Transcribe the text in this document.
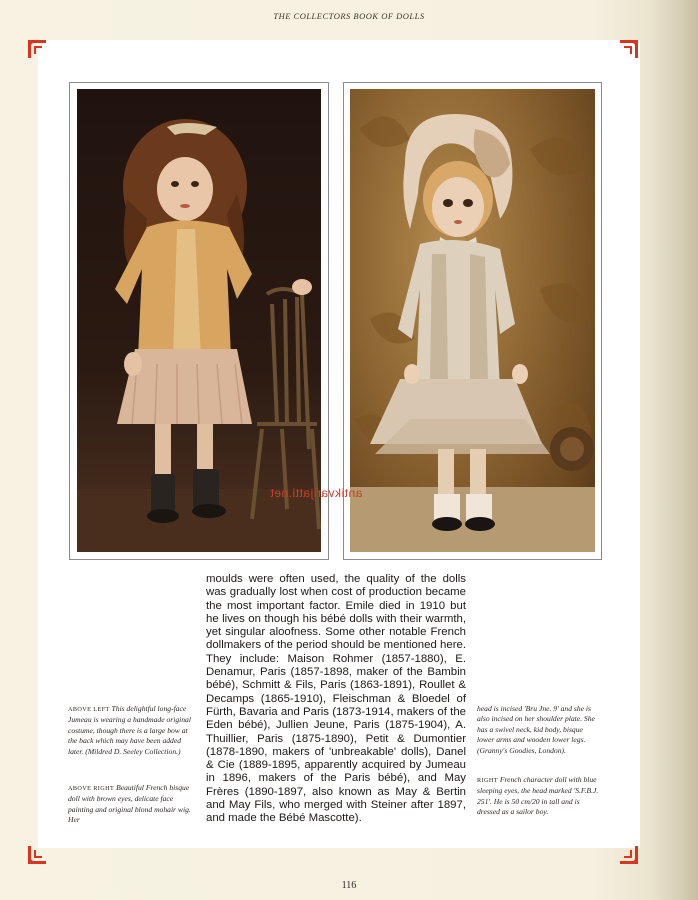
THE COLLECTORS BOOK OF DOLLS
antikvarijatti.net
moulds were often used, the quality of the dolls was gradually lost when cost of production became the most important factor. Emile died in 1910 but he lives on though his bébé dolls with their warmth, yet singular aloofness. Some other notable French dollmakers of the period should be mentioned here. They include: Maison Rohmer (1857-1880), E. Denamur, Paris (1857-1898, maker of the Bambin bébé), Schmitt & Fils, Paris (1863-1891), Roullet & Decamps (1865-1910), Fleischman & Bloedel of Fürth, Bavaria and Paris (1873-1914, makers of the Eden bébé), Jullien Jeune, Paris (1875-1904), A. Thuillier, Paris (1875-1890), Petit & Dumontier (1878-1890, makers of 'unbreakable' dolls), Danel & Cie (1889-1895, apparently acquired by Jumeau in 1896, makers of the Paris bébé), and May Frères (1890-1897, also known as May & Bertin and May Fils, who merged with Steiner after 1897, and made the Bébé Mascotte).
ABOVE LEFT This delightful long-face Jumeau is wearing a handmade original costume, though there is a large bow at the back which may have been added later. (Mildred D. Seeley Collection.)
ABOVE RIGHT Beautiful French bisque doll with brown eyes, delicate face painting and original blond mohair wig. Her
head is incised 'Bru Jne. 9' and she is also incised on her shoulder plate. She has a swivel neck, kid body, bisque lower arms and wooden lower legs. (Granny's Goodies, London).
RIGHT French character doll with blue sleeping eyes, the head marked 'S.F.B.J. 251'. He is 50 cm/20 in tall and is dressed as a sailor boy.
116
